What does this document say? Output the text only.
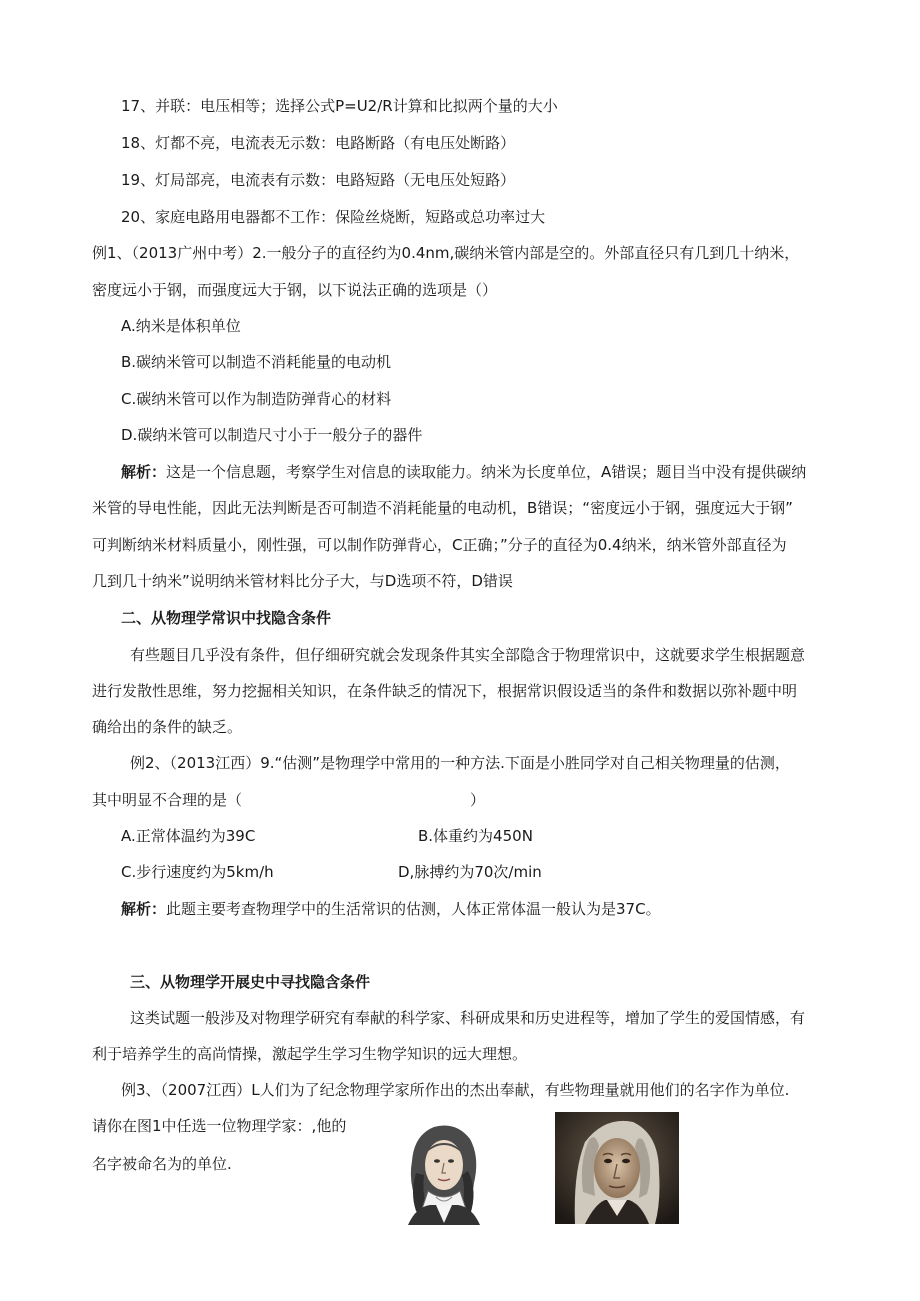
17、并联：电压相等；选择公式P=U2/R计算和比拟两个量的大小
18、灯都不亮，电流表无示数：电路断路（有电压处断路）
19、灯局部亮，电流表有示数：电路短路（无电压处短路）
20、家庭电路用电器都不工作：保险丝烧断，短路或总功率过大
例1、（2013广州中考）2.一般分子的直径约为0.4nm,碳纳米管内部是空的。外部直径只有几到几十纳米，
密度远小于钢，而强度远大于钢，以下说法正确的选项是（）
A.纳米是体积单位
B.碳纳米管可以制造不消耗能量的电动机
C.碳纳米管可以作为制造防弹背心的材料
D.碳纳米管可以制造尺寸小于一般分子的器件
解析：这是一个信息题，考察学生对信息的读取能力。纳米为长度单位，A错误；题目当中没有提供碳纳
米管的导电性能，因此无法判断是否可制造不消耗能量的电动机，B错误；“密度远小于钢，强度远大于钢”
可判断纳米材料质量小，刚性强，可以制作防弹背心，C正确；”分子的直径为0.4纳米，纳米管外部直径为
几到几十纳米”说明纳米管材料比分子大，与D选项不符，D错误
二、从物理学常识中找隐含条件
有些题目几乎没有条件，但仔细研究就会发现条件其实全部隐含于物理常识中，这就要求学生根据题意
进行发散性思维，努力挖掘相关知识，在条件缺乏的情况下，根据常识假设适当的条件和数据以弥补题中明
确给出的条件的缺乏。
例2、（2013江西）9.“估测”是物理学中常用的一种方法.下面是小胜同学对自己相关物理量的估测，
其中明显不合理的是（	）
A.正常体温约为39C	B.体重约为450N
C.步行速度约为5km∕h	D,脉搏约为70次∕min
解析：此题主要考查物理学中的生活常识的估测，人体正常体温一般认为是37C。
三、从物理学开展史中寻找隐含条件
这类试题一般涉及对物理学研究有奉献的科学家、科研成果和历史进程等，增加了学生的爱国情感，有
利于培养学生的高尚情操，激起学生学习生物学知识的远大理想。
例3、（2007江西）L人们为了纪念物理学家所作出的杰出奉献，有些物理量就用他们的名字作为单位.
请你在图1中任选一位物理学家：,他的
名字被命名为的单位.
